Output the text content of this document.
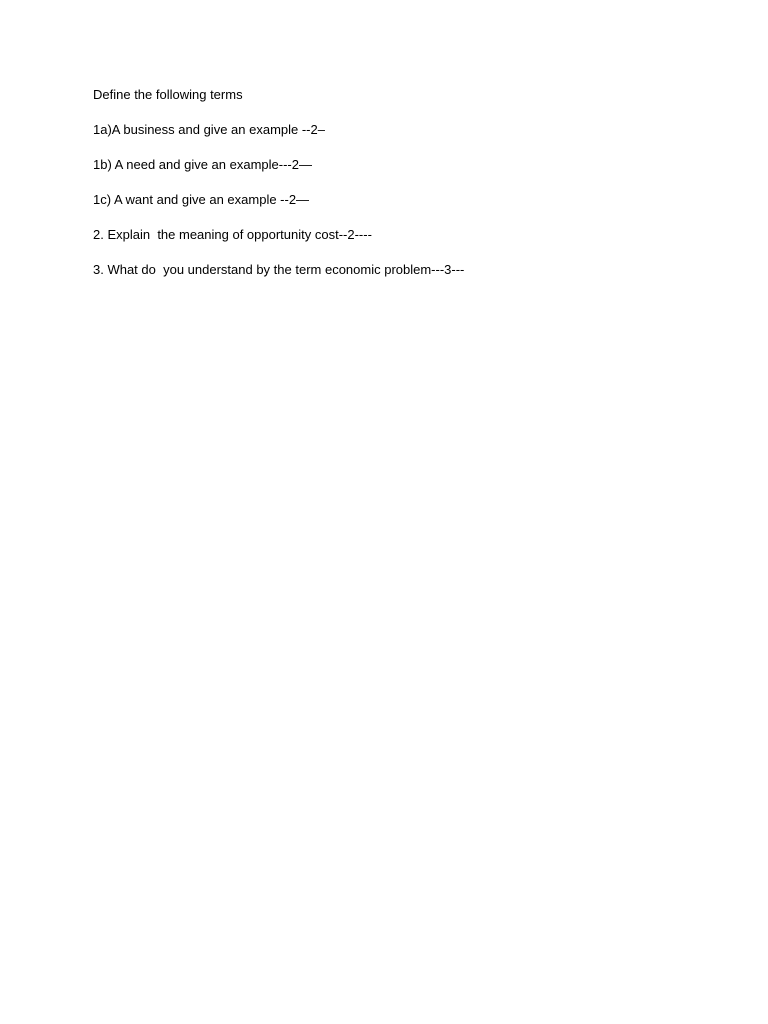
Define the following terms

1a)A business and give an example --2–

1b) A need and give an example---2—

1c) A want and give an example --2—

2. Explain  the meaning of opportunity cost--2----

3. What do  you understand by the term economic problem---3---
